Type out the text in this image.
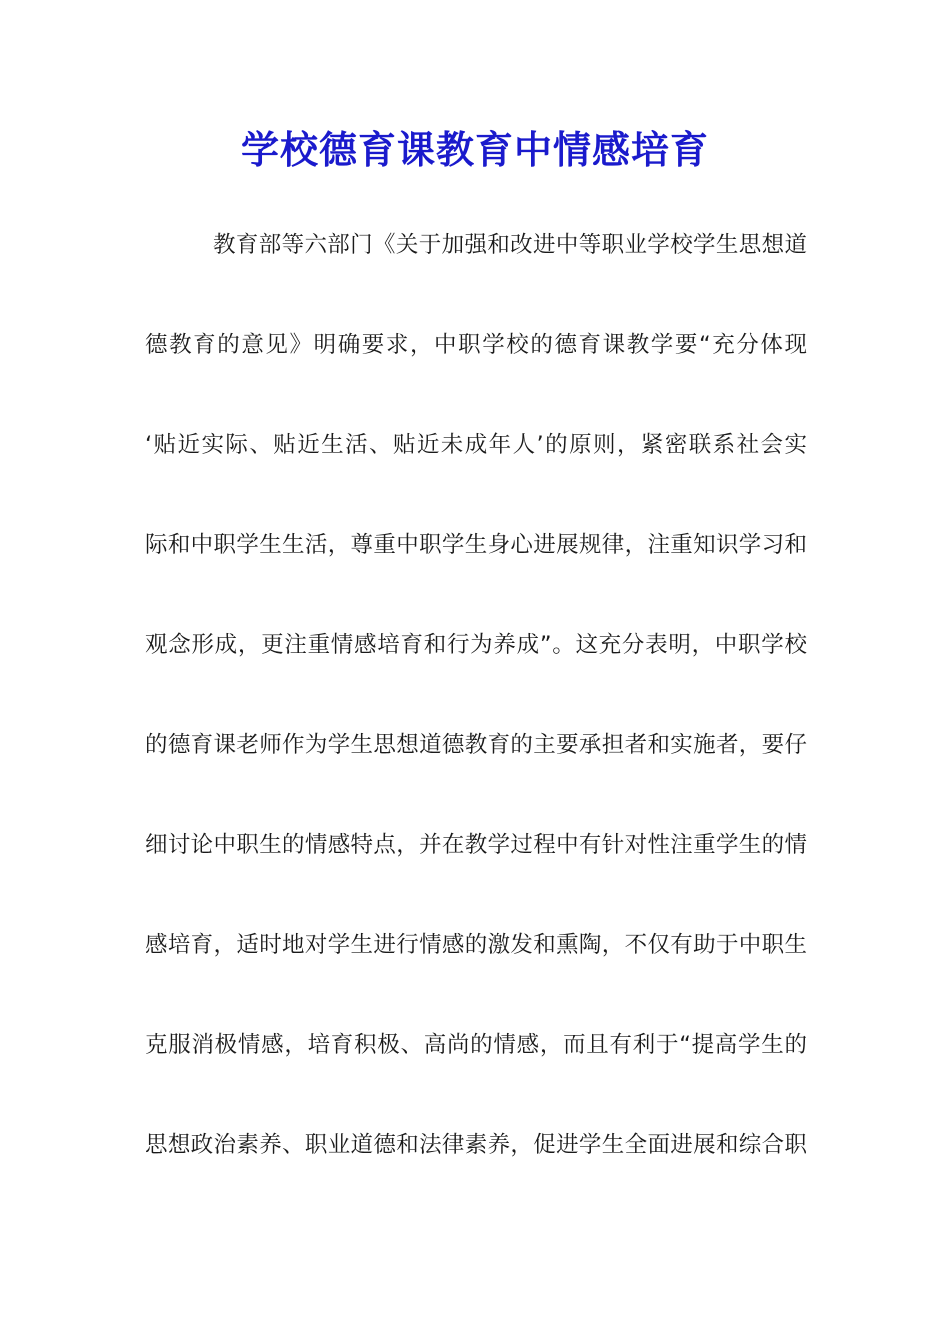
学校德育课教育中情感培育
教育部等六部门《关于加强和改进中等职业学校学生思想道
德教育的意见》明确要求，中职学校的德育课教学要“充分体现
‘贴近实际、贴近生活、贴近未成年人’的原则，紧密联系社会实
际和中职学生生活，尊重中职学生身心进展规律，注重知识学习和
观念形成，更注重情感培育和行为养成”。这充分表明，中职学校
的德育课老师作为学生思想道德教育的主要承担者和实施者，要仔
细讨论中职生的情感特点，并在教学过程中有针对性注重学生的情
感培育，适时地对学生进行情感的激发和熏陶，不仅有助于中职生
克服消极情感，培育积极、高尚的情感，而且有利于“提高学生的
思想政治素养、职业道德和法律素养，促进学生全面进展和综合职
